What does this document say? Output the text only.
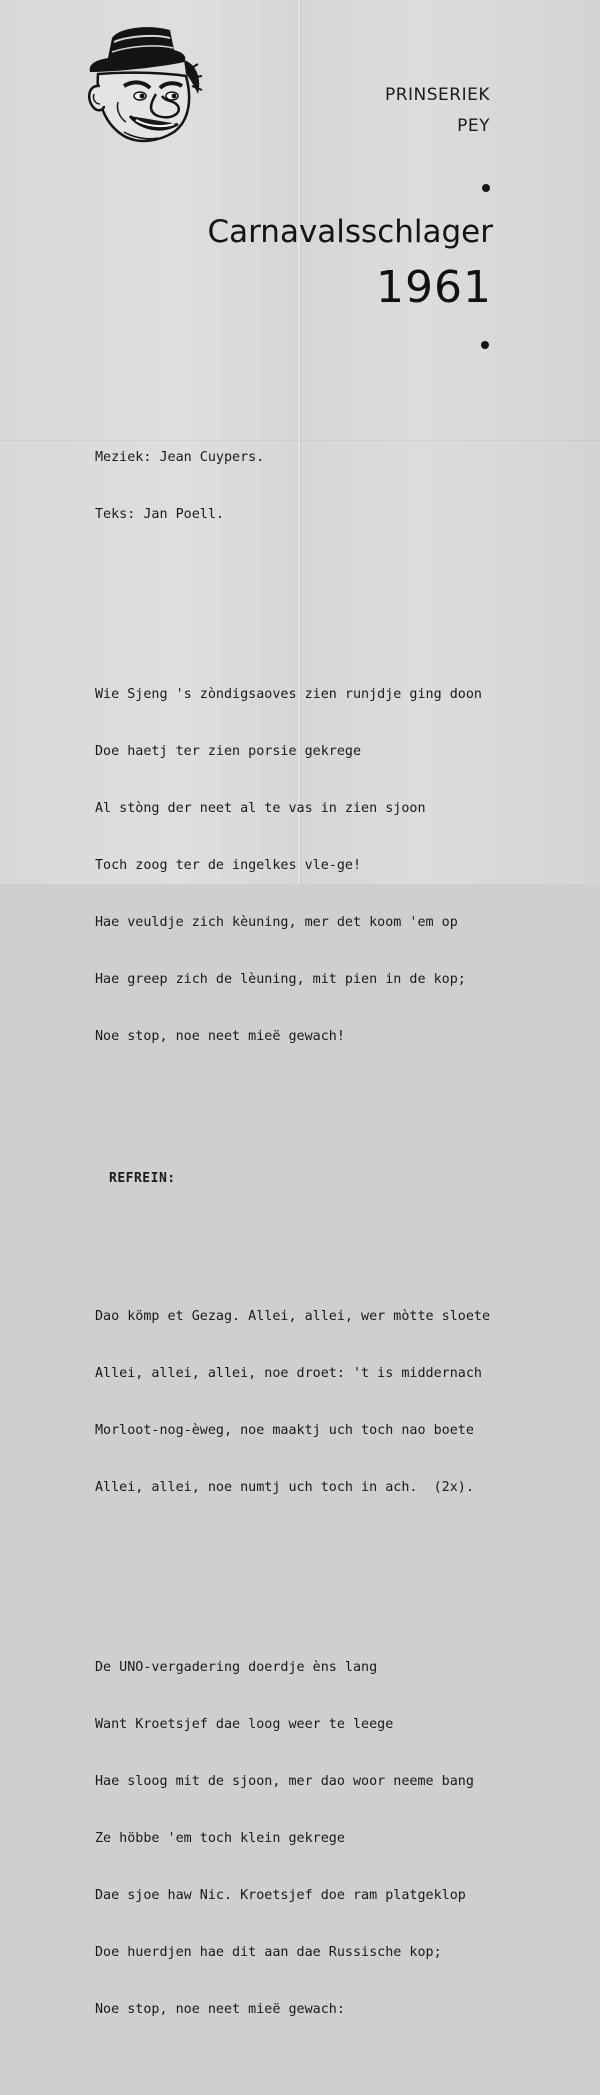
PRINSERIEK
PEY
Carnavalsschlager
1961

Meziek: Jean Cuypers.

Teks: Jan Poell.

Wie Sjeng 's zòndigsaoves zien runjdje ging doon

Doe haetj ter zien porsie gekrege

Al stòng der neet al te vas in zien sjoon

Toch zoog ter de ingelkes vle-ge!

Hae veuldje zich kèuning, mer det koom 'em op

Hae greep zich de lèuning, mit pien in de kop;

Noe stop, noe neet mieë gewach!

REFREIN:

Dao kömp et Gezag. Allei, allei, wer mòtte sloete

Allei, allei, allei, noe droet: 't is middernach

Morloot-nog-èweg, noe maaktj uch toch nao boete

Allei, allei, noe numtj uch toch in ach.  (2x).

De UNO-vergadering doerdje èns lang

Want Kroetsjef dae loog weer te leege

Hae sloog mit de sjoon, mer dao woor neeme bang

Ze höbbe 'em toch klein gekrege

Dae sjoe haw Nic. Kroetsjef doe ram platgeklop

Doe huerdjen hae dit aan dae Russische kop;

Noe stop, noe neet mieë gewach:
